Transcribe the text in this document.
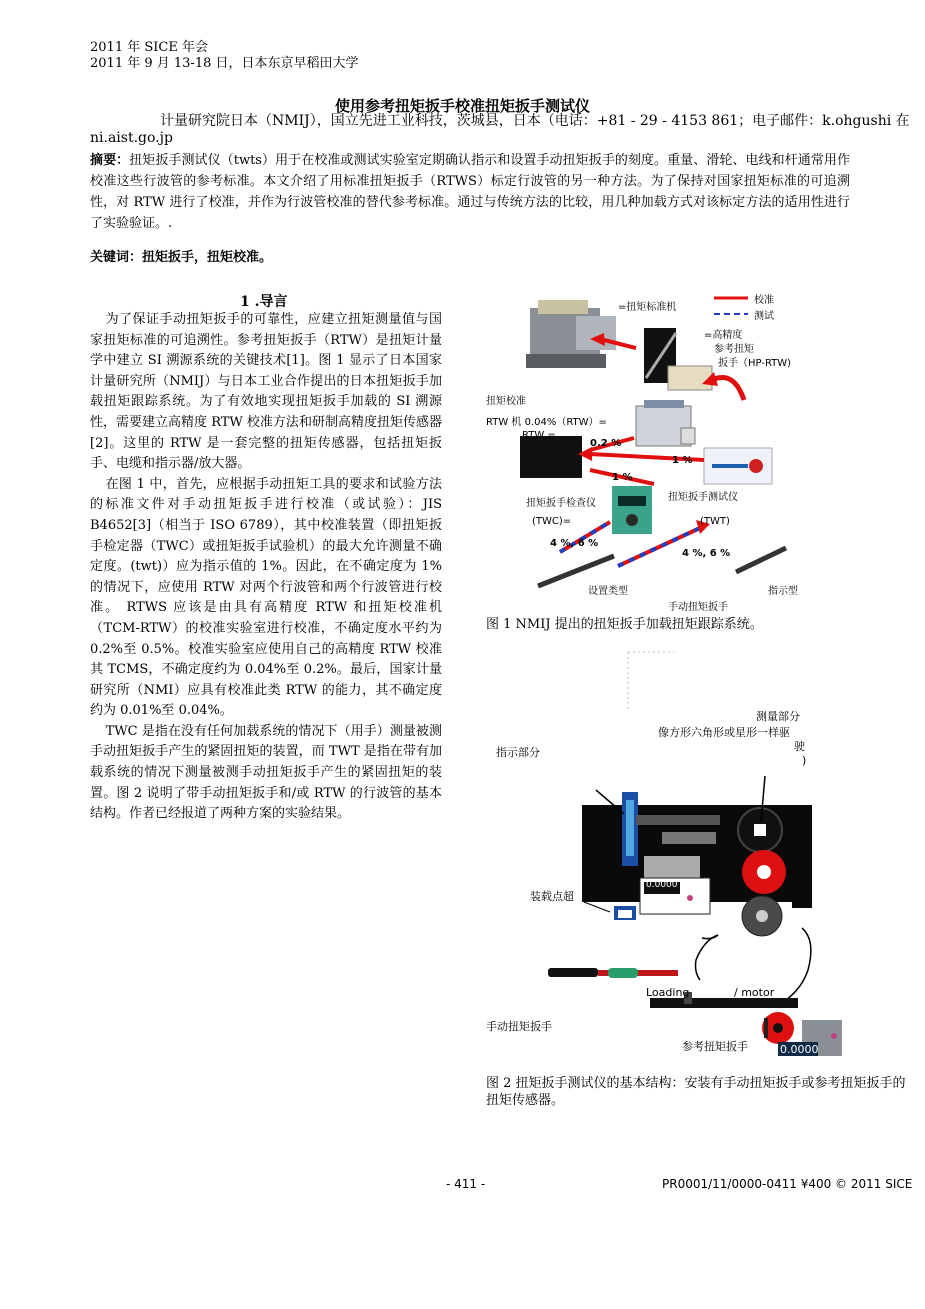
2011 年 SICE 年会
2011 年 9 月 13-18 日，日本东京早稻田大学
使用参考扭矩扳手校准扭矩扳手测试仪
计量研究院日本（NMIJ），国立先进工业科技，茨城县，日本（电话：+81 - 29 - 4153 861；电子邮件：k.ohgushi 在 ni.aist.go.jp
摘要：扭矩扳手测试仪（twts）用于在校准或测试实验室定期确认指示和设置手动扭矩扳手的刻度。重量、滑轮、电线和杆通常用作校准这些行波管的参考标准。本文介绍了用标准扭矩扳手（RTWS）标定行波管的另一种方法。为了保持对国家扭矩标准的可追溯性，对 RTW 进行了校准，并作为行波管校准的替代参考标准。通过与传统方法的比较，用几种加载方式对该标定方法的适用性进行了实验验证。.
关键词：扭矩扳手，扭矩校准。
1 .导言

为了保证手动扭矩扳手的可靠性，应建立扭矩测量值与国家扭矩标准的可追溯性。参考扭矩扳手（RTW）是扭矩计量学中建立 SI 溯源系统的关键技术[1]。图 1 显示了日本国家计量研究所（NMIJ）与日本工业合作提出的日本扭矩扳手加载扭矩跟踪系统。为了有效地实现扭矩扳手加载的 SI 溯源性，需要建立高精度 RTW 校准方法和研制高精度扭矩传感器[2]。这里的 RTW 是一套完整的扭矩传感器，包括扭矩扳手、电缆和指示器/放大器。

在图 1 中，首先，应根据手动扭矩工具的要求和试验方法的标准文件对手动扭矩扳手进行校准（或试验）：JIS B4652[3]（相当于 ISO 6789），其中校准装置（即扭矩扳手检定器（TWC）或扭矩扳手试验机）的最大允许测量不确定度。(twt)）应为指示值的 1%。因此，在不确定度为 1%的情况下，应使用 RTW 对两个行波管和两个行波管进行校准。 RTWS 应该是由具有高精度 RTW 和扭矩校准机（TCM-RTW）的校准实验室进行校准，不确定度水平约为 0.2%至 0.5%。校准实验室应使用自己的高精度 RTW 校准其 TCMS，不确定度约为 0.04%至 0.2%。最后，国家计量研究所（NMI）应具有校准此类 RTW 的能力，其不确定度约为 0.01%至 0.04%。

TWC 是指在没有任何加载系统的情况下（用手）测量被测手动扭矩扳手产生的紧固扭矩的装置，而 TWT 是指在带有加载系统的情况下测量被测手动扭矩扳手产生的紧固扭矩的装置。图 2 说明了带手动扭矩扳手和/或 RTW 的行波管的基本结构。作者已经报道了两种方案的实验结果。

校准
测试
=扭矩标准机
=高精度
参考扭矩
扳手（HP-RTW)
扭矩校准
RTW 机 0.04%（RTW）=
RTW =
0.2 %
1 %
1 %
扭矩扳手检查仪
(TWC)=
扭矩扳手测试仪
(TWT)
4 %, 6 %
4 %, 6 %
设置类型	指示型
手动扭矩扳手
图 1 NMIJ 提出的扭矩扳手加载扭矩跟踪系统。
测量部分
像方形六角形或星形一样驱
驶
)
指示部分
0.0000
装载点超
Loading	/ motor
手动扭矩扳手
参考扭矩扳手	0.0000
图 2 扭矩扳手测试仪的基本结构：安装有手动扭矩扳手或参考扭矩扳手的扭矩传感器。
- 411 -	PR0001/11/0000-0411 ¥400 © 2011 SICE
